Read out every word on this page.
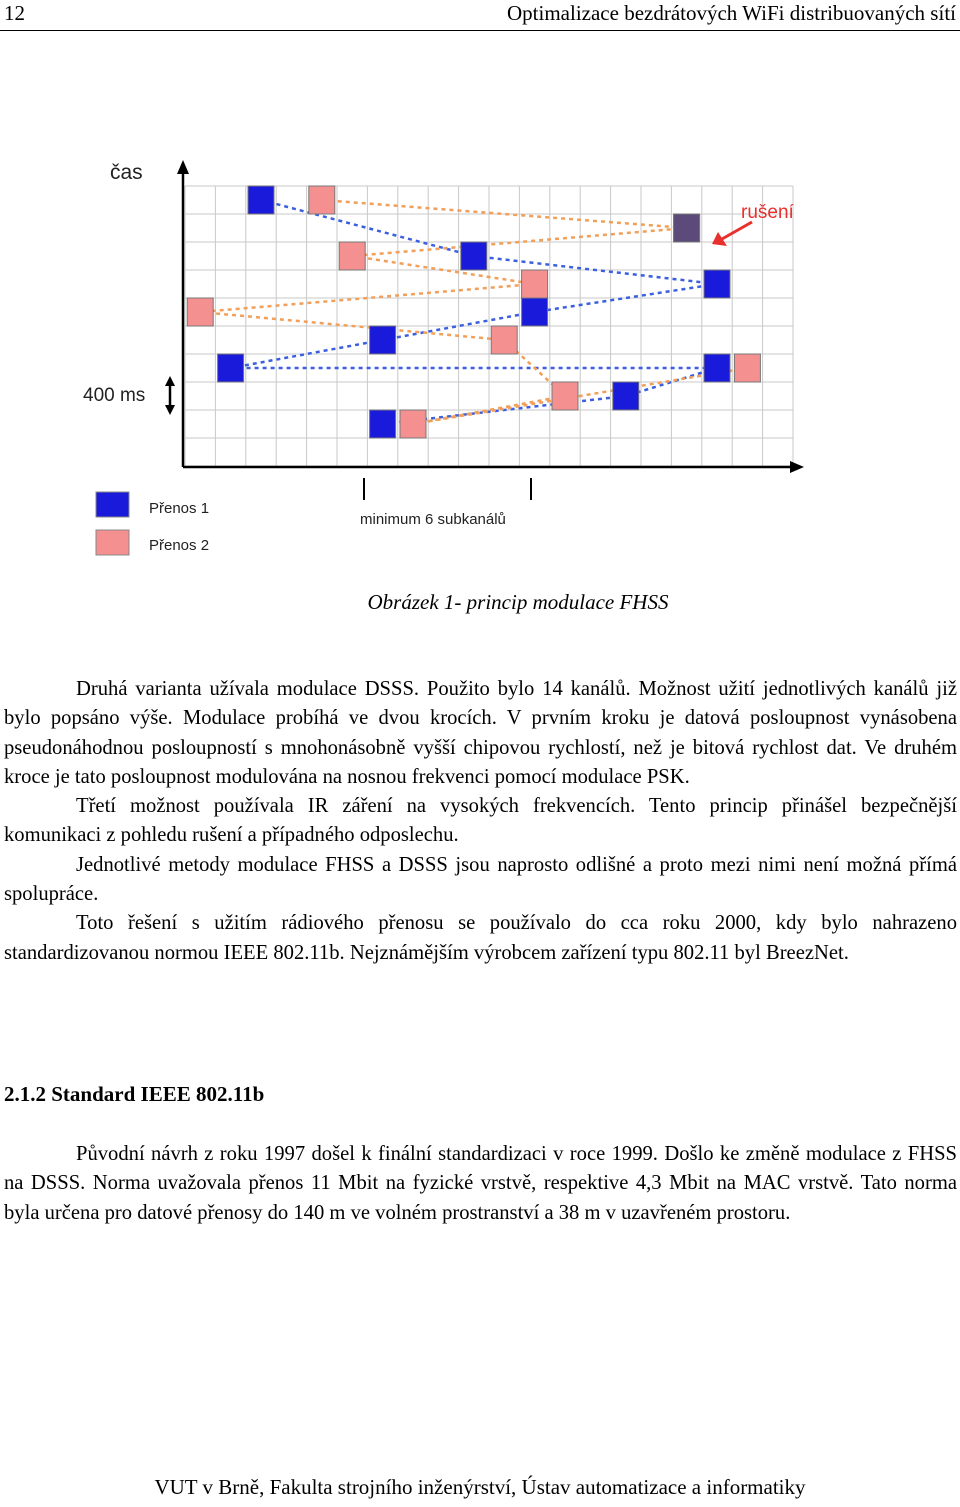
12	Optimalizace bezdrátových WiFi distribuovaných sítí
čas
400 ms
rušení
minimum 6 subkanálů
Přenos 1
Přenos 2
Obrázek 1- princip modulace FHSS

Druhá varianta užívala modulace DSSS. Použito bylo 14 kanálů. Možnost užití jednotlivých kanálů již bylo popsáno výše. Modulace probíhá ve dvou krocích. V prvním kroku je datová posloupnost vynásobena pseudonáhodnou posloupností s mnohonásobně vyšší chipovou rychlostí, než je bitová rychlost dat. Ve druhém kroce je tato posloupnost modulována na nosnou frekvenci pomocí modulace PSK.

Třetí možnost používala IR záření na vysokých frekvencích. Tento princip přinášel bezpečnější komunikaci z pohledu rušení a případného odposlechu.

Jednotlivé metody modulace FHSS a DSSS jsou naprosto odlišné a proto mezi nimi není možná přímá spolupráce.

Toto řešení s užitím rádiového přenosu se používalo do cca roku 2000, kdy bylo nahrazeno standardizovanou normou IEEE 802.11b. Nejznámějším výrobcem zařízení typu 802.11 byl BreezNet.

2.1.2 Standard IEEE 802.11b

Původní návrh z roku 1997 došel k finální standardizaci v roce 1999. Došlo ke změně modulace z FHSS na DSSS. Norma uvažovala přenos 11 Mbit na fyzické vrstvě, respektive 4,3 Mbit na MAC vrstvě. Tato norma byla určena pro datové přenosy do 140 m ve volném prostranství a 38 m v uzavřeném prostoru.

VUT v Brně, Fakulta strojního inženýrství, Ústav automatizace a informatiky
